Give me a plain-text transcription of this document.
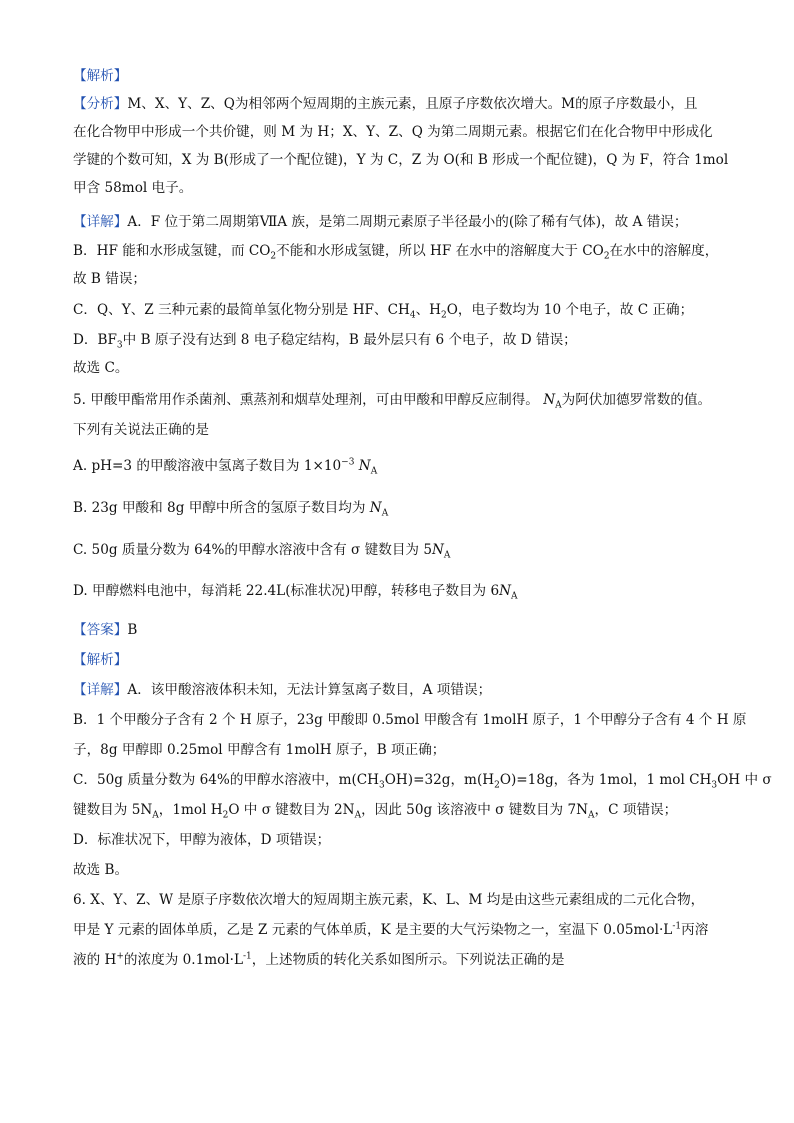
【解析】
【分析】M、X、Y、Z、Q为相邻两个短周期的主族元素，且原子序数依次增大。M的原子序数最小，且
在化合物甲中形成一个共价键，则 M 为 H；X、Y、Z、Q 为第二周期元素。根据它们在化合物甲中形成化
学键的个数可知，X 为 B(形成了一个配位键)，Y 为 C，Z 为 O(和 B 形成一个配位键)，Q 为 F，符合 1mol
甲含 58mol 电子。
【详解】A．F 位于第二周期第ⅦA 族，是第二周期元素原子半径最小的(除了稀有气体)，故 A 错误；
B．HF 能和水形成氢键，而 $CO_2$不能和水形成氢键，所以 HF 在水中的溶解度大于 $CO_2$在水中的溶解度，
故 B 错误；
C．Q、Y、Z 三种元素的最简单氢化物分别是 HF、$CH_4$、$H_2O$，电子数均为 10 个电子，故 C 正确；
D．$BF_3$中 B 原子没有达到 8 电子稳定结构，B 最外层只有 6 个电子，故 D 错误；
故选 C。
5. 甲酸甲酯常用作杀菌剂、熏蒸剂和烟草处理剂，可由甲酸和甲醇反应制得。 $N_A$为阿伏加德罗常数的值。
下列有关说法正确的是
A. pH=3 的甲酸溶液中氢离子数目为 $1\times 10^{-3}$ $N_A$
B. 23g 甲酸和 8g 甲醇中所含的氢原子数目均为 $N_A$
C. 50g 质量分数为 64%的甲醇水溶液中含有 σ 键数目为 $5N_A$
D. 甲醇燃料电池中，每消耗 22.4L(标准状况)甲醇，转移电子数目为 $6N_A$
【答案】B
【解析】
【详解】A．该甲酸溶液体积未知，无法计算氢离子数目，A 项错误；
B．1 个甲酸分子含有 2 个 H 原子，23g 甲酸即 0.5mol 甲酸含有 1molH 原子，1 个甲醇分子含有 4 个 H 原
子，8g 甲醇即 0.25mol 甲醇含有 1molH 原子，B 项正确；
C．50g 质量分数为 64%的甲醇水溶液中，$m(CH_3OH)=32g$，$m(H_2O)=18g$，各为 1mol，1 mol $CH_3OH$ 中 σ
键数目为 $5N_A$，1mol $H_2O$ 中 σ 键数目为 $2N_A$，因此 50g 该溶液中 σ 键数目为 $7N_A$，C 项错误；
D．标准状况下，甲醇为液体，D 项错误；
故选 B。
6. X、Y、Z、W 是原子序数依次增大的短周期主族元素，K、L、M 均是由这些元素组成的二元化合物，
甲是 Y 元素的固体单质，乙是 Z 元素的气体单质，K 是主要的大气污染物之一，室温下 $0.05mol\cdot L^{-1}$丙溶
液的 H+的浓度为 $0.1mol\cdot L^{-1}$，上述物质的转化关系如图所示。下列说法正确的是
